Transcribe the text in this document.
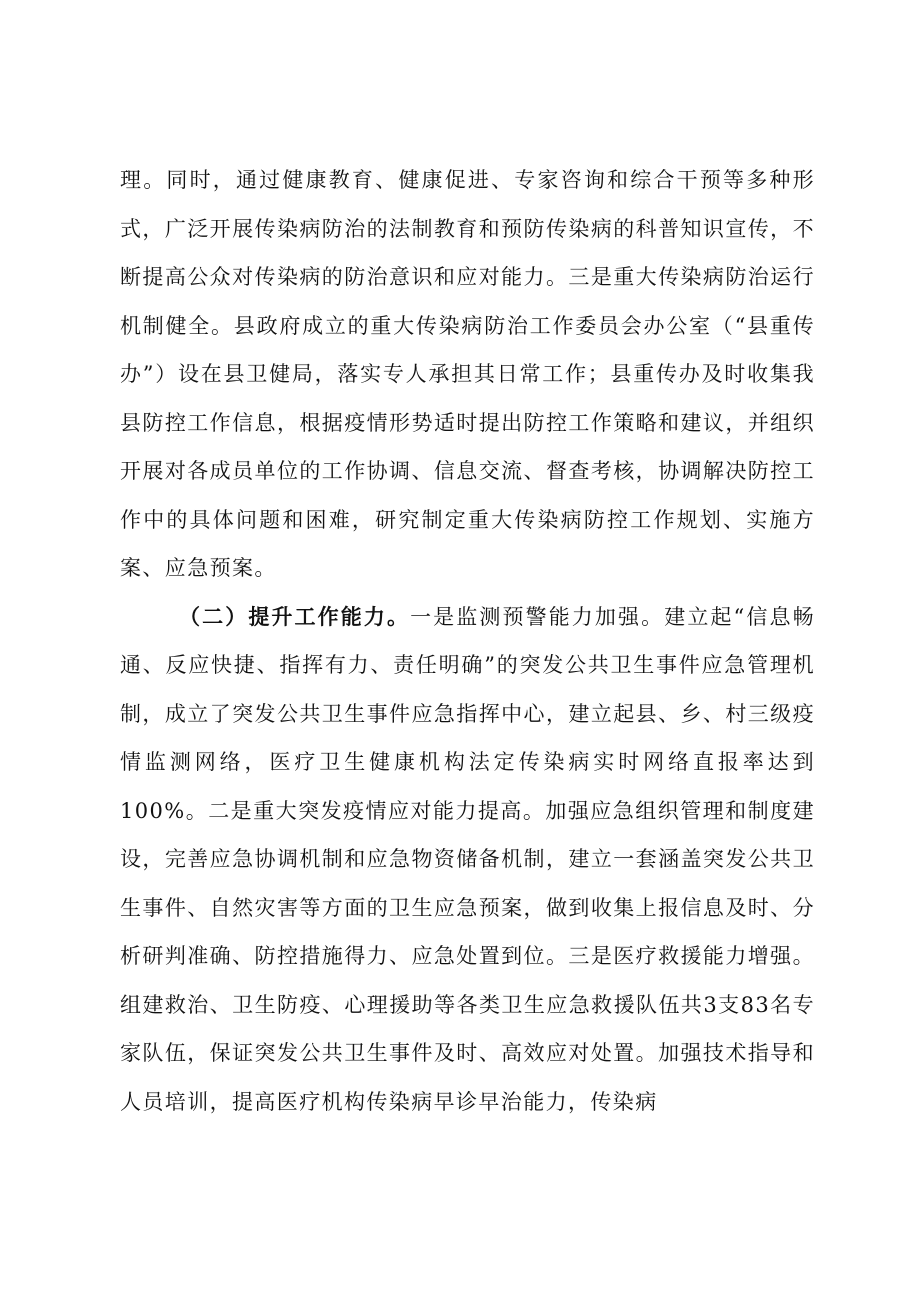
理。同时，通过健康教育、健康促进、专家咨询和综合干预等多种形式，广泛开展传染病防治的法制教育和预防传染病的科普知识宣传，不断提高公众对传染病的防治意识和应对能力。三是重大传染病防治运行机制健全。县政府成立的重大传染病防治工作委员会办公室（“县重传办”）设在县卫健局，落实专人承担其日常工作；县重传办及时收集我县防控工作信息，根据疫情形势适时提出防控工作策略和建议，并组织开展对各成员单位的工作协调、信息交流、督查考核，协调解决防控工作中的具体问题和困难，研究制定重大传染病防控工作规划、实施方案、应急预案。

（二）提升工作能力。一是监测预警能力加强。建立起“信息畅通、反应快捷、指挥有力、责任明确”的突发公共卫生事件应急管理机制，成立了突发公共卫生事件应急指挥中心，建立起县、乡、村三级疫情监测网络，医疗卫生健康机构法定传染病实时网络直报率达到100%。二是重大突发疫情应对能力提高。加强应急组织管理和制度建设，完善应急协调机制和应急物资储备机制，建立一套涵盖突发公共卫生事件、自然灾害等方面的卫生应急预案，做到收集上报信息及时、分析研判准确、防控措施得力、应急处置到位。三是医疗救援能力增强。组建救治、卫生防疫、心理援助等各类卫生应急救援队伍共3支83名专家队伍，保证突发公共卫生事件及时、高效应对处置。加强技术指导和人员培训，提高医疗机构传染病早诊早治能力，传染病
